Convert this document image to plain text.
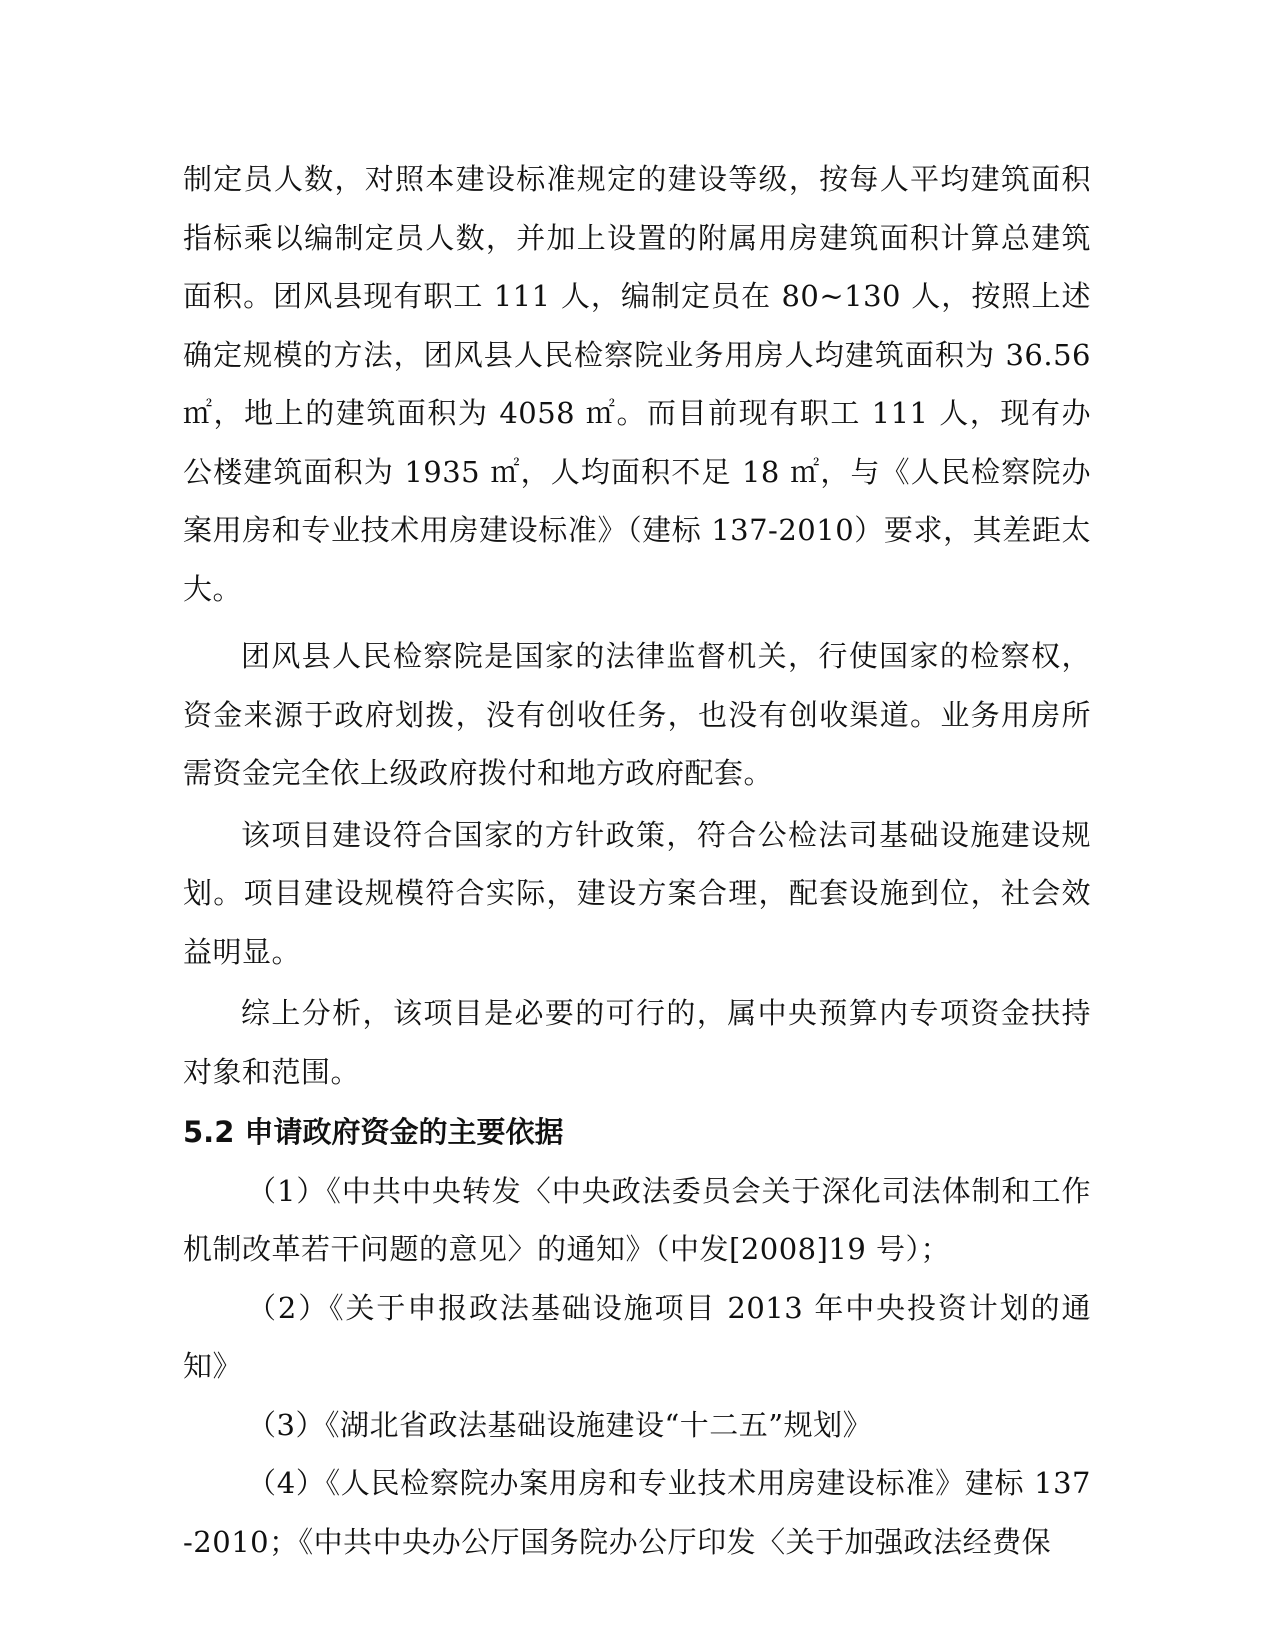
制定员人数，对照本建设标准规定的建设等级，按每人平均建筑面积指标乘以编制定员人数，并加上设置的附属用房建筑面积计算总建筑面积。团风县现有职工 111 人，编制定员在 80~130 人，按照上述确定规模的方法，团风县人民检察院业务用房人均建筑面积为 36.56 ㎡，地上的建筑面积为 4058 ㎡。而目前现有职工 111 人，现有办公楼建筑面积为 1935 ㎡，人均面积不足 18 ㎡，与《人民检察院办案用房和专业技术用房建设标准》（建标 137-2010）要求，其差距太大。

团风县人民检察院是国家的法律监督机关，行使国家的检察权，资金来源于政府划拨，没有创收任务，也没有创收渠道。业务用房所需资金完全依上级政府拨付和地方政府配套。

该项目建设符合国家的方针政策，符合公检法司基础设施建设规划。项目建设规模符合实际，建设方案合理，配套设施到位，社会效益明显。

综上分析，该项目是必要的可行的，属中央预算内专项资金扶持对象和范围。

5.2 申请政府资金的主要依据

（1）《中共中央转发〈中央政法委员会关于深化司法体制和工作机制改革若干问题的意见〉的通知》（中发[2008]19 号）；

（2）《关于申报政法基础设施项目 2013 年中央投资计划的通知》

（3）《湖北省政法基础设施建设“十二五”规划》

（4）《人民检察院办案用房和专业技术用房建设标准》建标 137-2010；《中共中央办公厅国务院办公厅印发〈关于加强政法经费保
